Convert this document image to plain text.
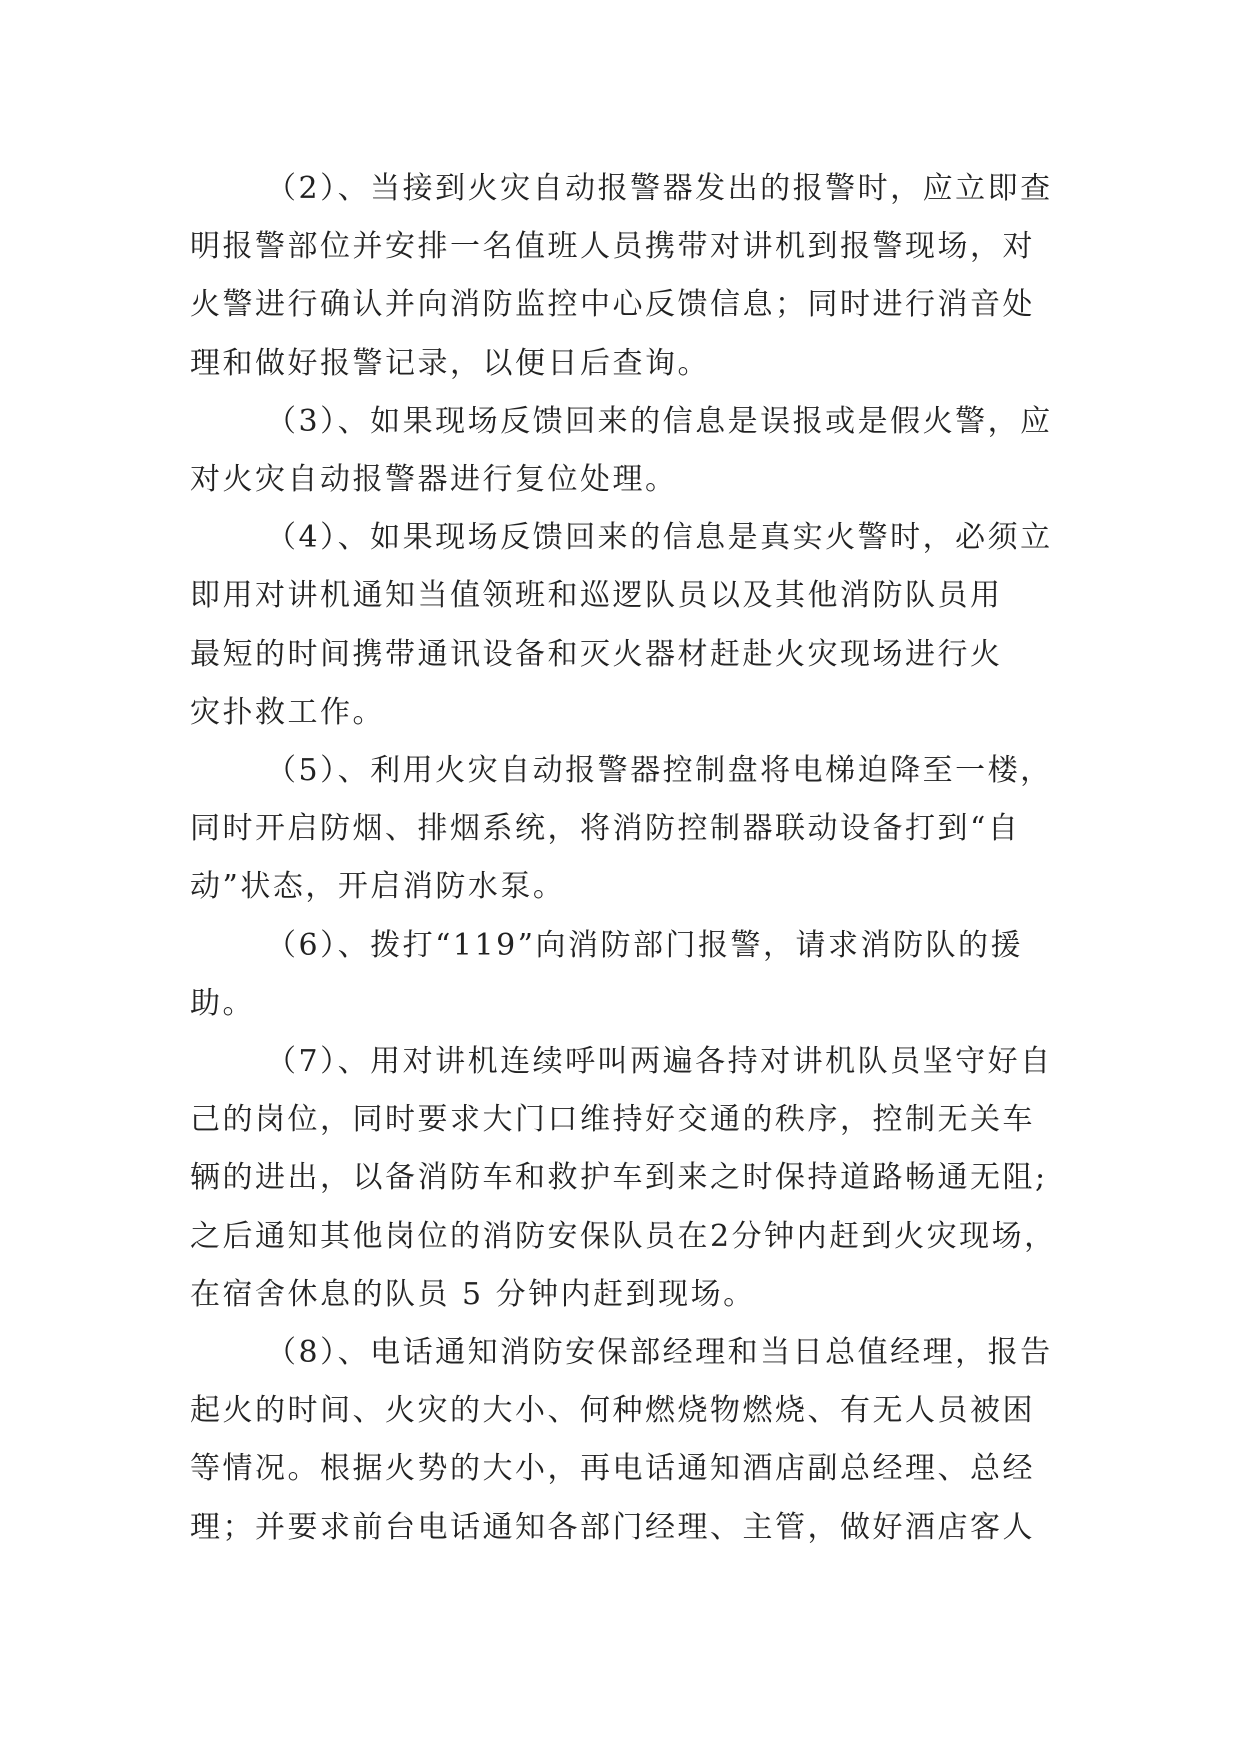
（2）、当接到火灾自动报警器发出的报警时，应立即查
明报警部位并安排一名值班人员携带对讲机到报警现场，对
火警进行确认并向消防监控中心反馈信息；同时进行消音处
理和做好报警记录，以便日后查询。

（3）、如果现场反馈回来的信息是误报或是假火警，应
对火灾自动报警器进行复位处理。

（4）、如果现场反馈回来的信息是真实火警时，必须立
即用对讲机通知当值领班和巡逻队员以及其他消防队员用
最短的时间携带通讯设备和灭火器材赶赴火灾现场进行火
灾扑救工作。

（5）、利用火灾自动报警器控制盘将电梯迫降至一楼，
同时开启防烟、排烟系统，将消防控制器联动设备打到“自
动”状态，开启消防水泵。

（6）、拨打“119”向消防部门报警，请求消防队的援
助。

（7）、用对讲机连续呼叫两遍各持对讲机队员坚守好自
己的岗位，同时要求大门口维持好交通的秩序，控制无关车
辆的进出，以备消防车和救护车到来之时保持道路畅通无阻;
之后通知其他岗位的消防安保队员在2分钟内赶到火灾现场，
在宿舍休息的队员 5 分钟内赶到现场。

（8）、电话通知消防安保部经理和当日总值经理，报告
起火的时间、火灾的大小、何种燃烧物燃烧、有无人员被困
等情况。根据火势的大小，再电话通知酒店副总经理、总经
理；并要求前台电话通知各部门经理、主管，做好酒店客人
